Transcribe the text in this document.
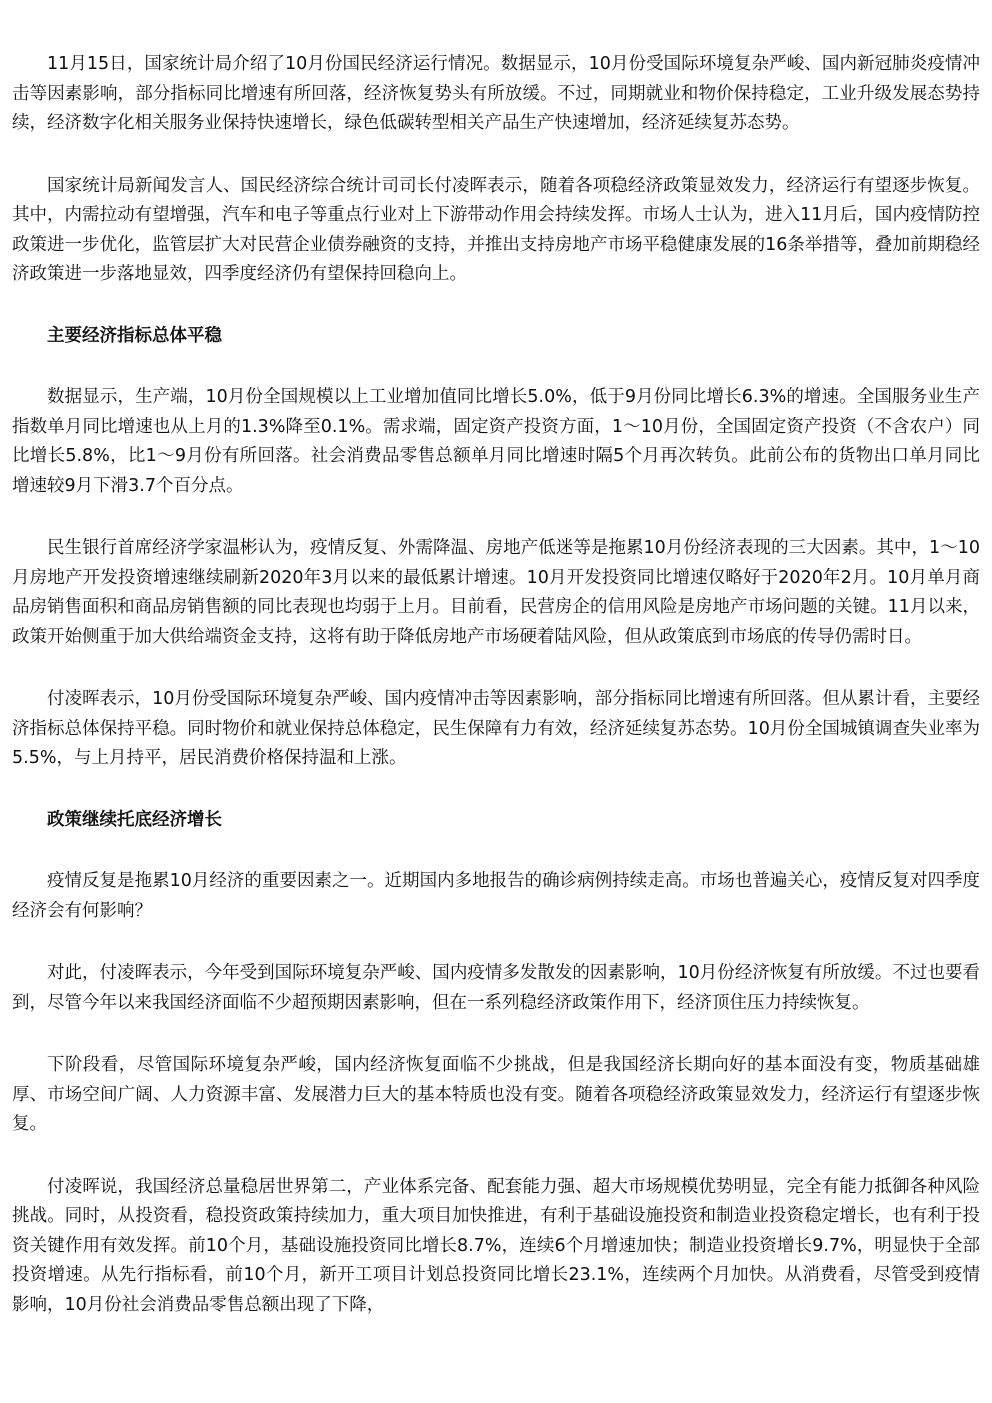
11月15日，国家统计局介绍了10月份国民经济运行情况。数据显示，10月份受国际环境复杂严峻、国内新冠肺炎疫情冲击等因素影响，部分指标同比增速有所回落，经济恢复势头有所放缓。不过，同期就业和物价保持稳定，工业升级发展态势持续，经济数字化相关服务业保持快速增长，绿色低碳转型相关产品生产快速增加，经济延续复苏态势。

国家统计局新闻发言人、国民经济综合统计司司长付凌晖表示，随着各项稳经济政策显效发力，经济运行有望逐步恢复。其中，内需拉动有望增强，汽车和电子等重点行业对上下游带动作用会持续发挥。市场人士认为，进入11月后，国内疫情防控政策进一步优化，监管层扩大对民营企业债券融资的支持，并推出支持房地产市场平稳健康发展的16条举措等，叠加前期稳经济政策进一步落地显效，四季度经济仍有望保持回稳向上。

主要经济指标总体平稳

数据显示，生产端，10月份全国规模以上工业增加值同比增长5.0%，低于9月份同比增长6.3%的增速。全国服务业生产指数单月同比增速也从上月的1.3%降至0.1%。需求端，固定资产投资方面，1～10月份，全国固定资产投资（不含农户）同比增长5.8%，比1～9月份有所回落。社会消费品零售总额单月同比增速时隔5个月再次转负。此前公布的货物出口单月同比增速较9月下滑3.7个百分点。

民生银行首席经济学家温彬认为，疫情反复、外需降温、房地产低迷等是拖累10月份经济表现的三大因素。其中，1～10月房地产开发投资增速继续刷新2020年3月以来的最低累计增速。10月开发投资同比增速仅略好于2020年2月。10月单月商品房销售面积和商品房销售额的同比表现也均弱于上月。目前看，民营房企的信用风险是房地产市场问题的关键。11月以来，政策开始侧重于加大供给端资金支持，这将有助于降低房地产市场硬着陆风险，但从政策底到市场底的传导仍需时日。

付凌晖表示，10月份受国际环境复杂严峻、国内疫情冲击等因素影响，部分指标同比增速有所回落。但从累计看，主要经济指标总体保持平稳。同时物价和就业保持总体稳定，民生保障有力有效，经济延续复苏态势。10月份全国城镇调查失业率为5.5%，与上月持平，居民消费价格保持温和上涨。

政策继续托底经济增长

疫情反复是拖累10月经济的重要因素之一。近期国内多地报告的确诊病例持续走高。市场也普遍关心，疫情反复对四季度经济会有何影响？

对此，付凌晖表示，今年受到国际环境复杂严峻、国内疫情多发散发的因素影响，10月份经济恢复有所放缓。不过也要看到，尽管今年以来我国经济面临不少超预期因素影响，但在一系列稳经济政策作用下，经济顶住压力持续恢复。

下阶段看，尽管国际环境复杂严峻，国内经济恢复面临不少挑战，但是我国经济长期向好的基本面没有变，物质基础雄厚、市场空间广阔、人力资源丰富、发展潜力巨大的基本特质也没有变。随着各项稳经济政策显效发力，经济运行有望逐步恢复。

付凌晖说，我国经济总量稳居世界第二，产业体系完备、配套能力强、超大市场规模优势明显，完全有能力抵御各种风险挑战。同时，从投资看，稳投资政策持续加力，重大项目加快推进，有利于基础设施投资和制造业投资稳定增长，也有利于投资关键作用有效发挥。前10个月，基础设施投资同比增长8.7%，连续6个月增速加快；制造业投资增长9.7%，明显快于全部投资增速。从先行指标看，前10个月，新开工项目计划总投资同比增长23.1%，连续两个月加快。从消费看，尽管受到疫情影响，10月份社会消费品零售总额出现了下降，
